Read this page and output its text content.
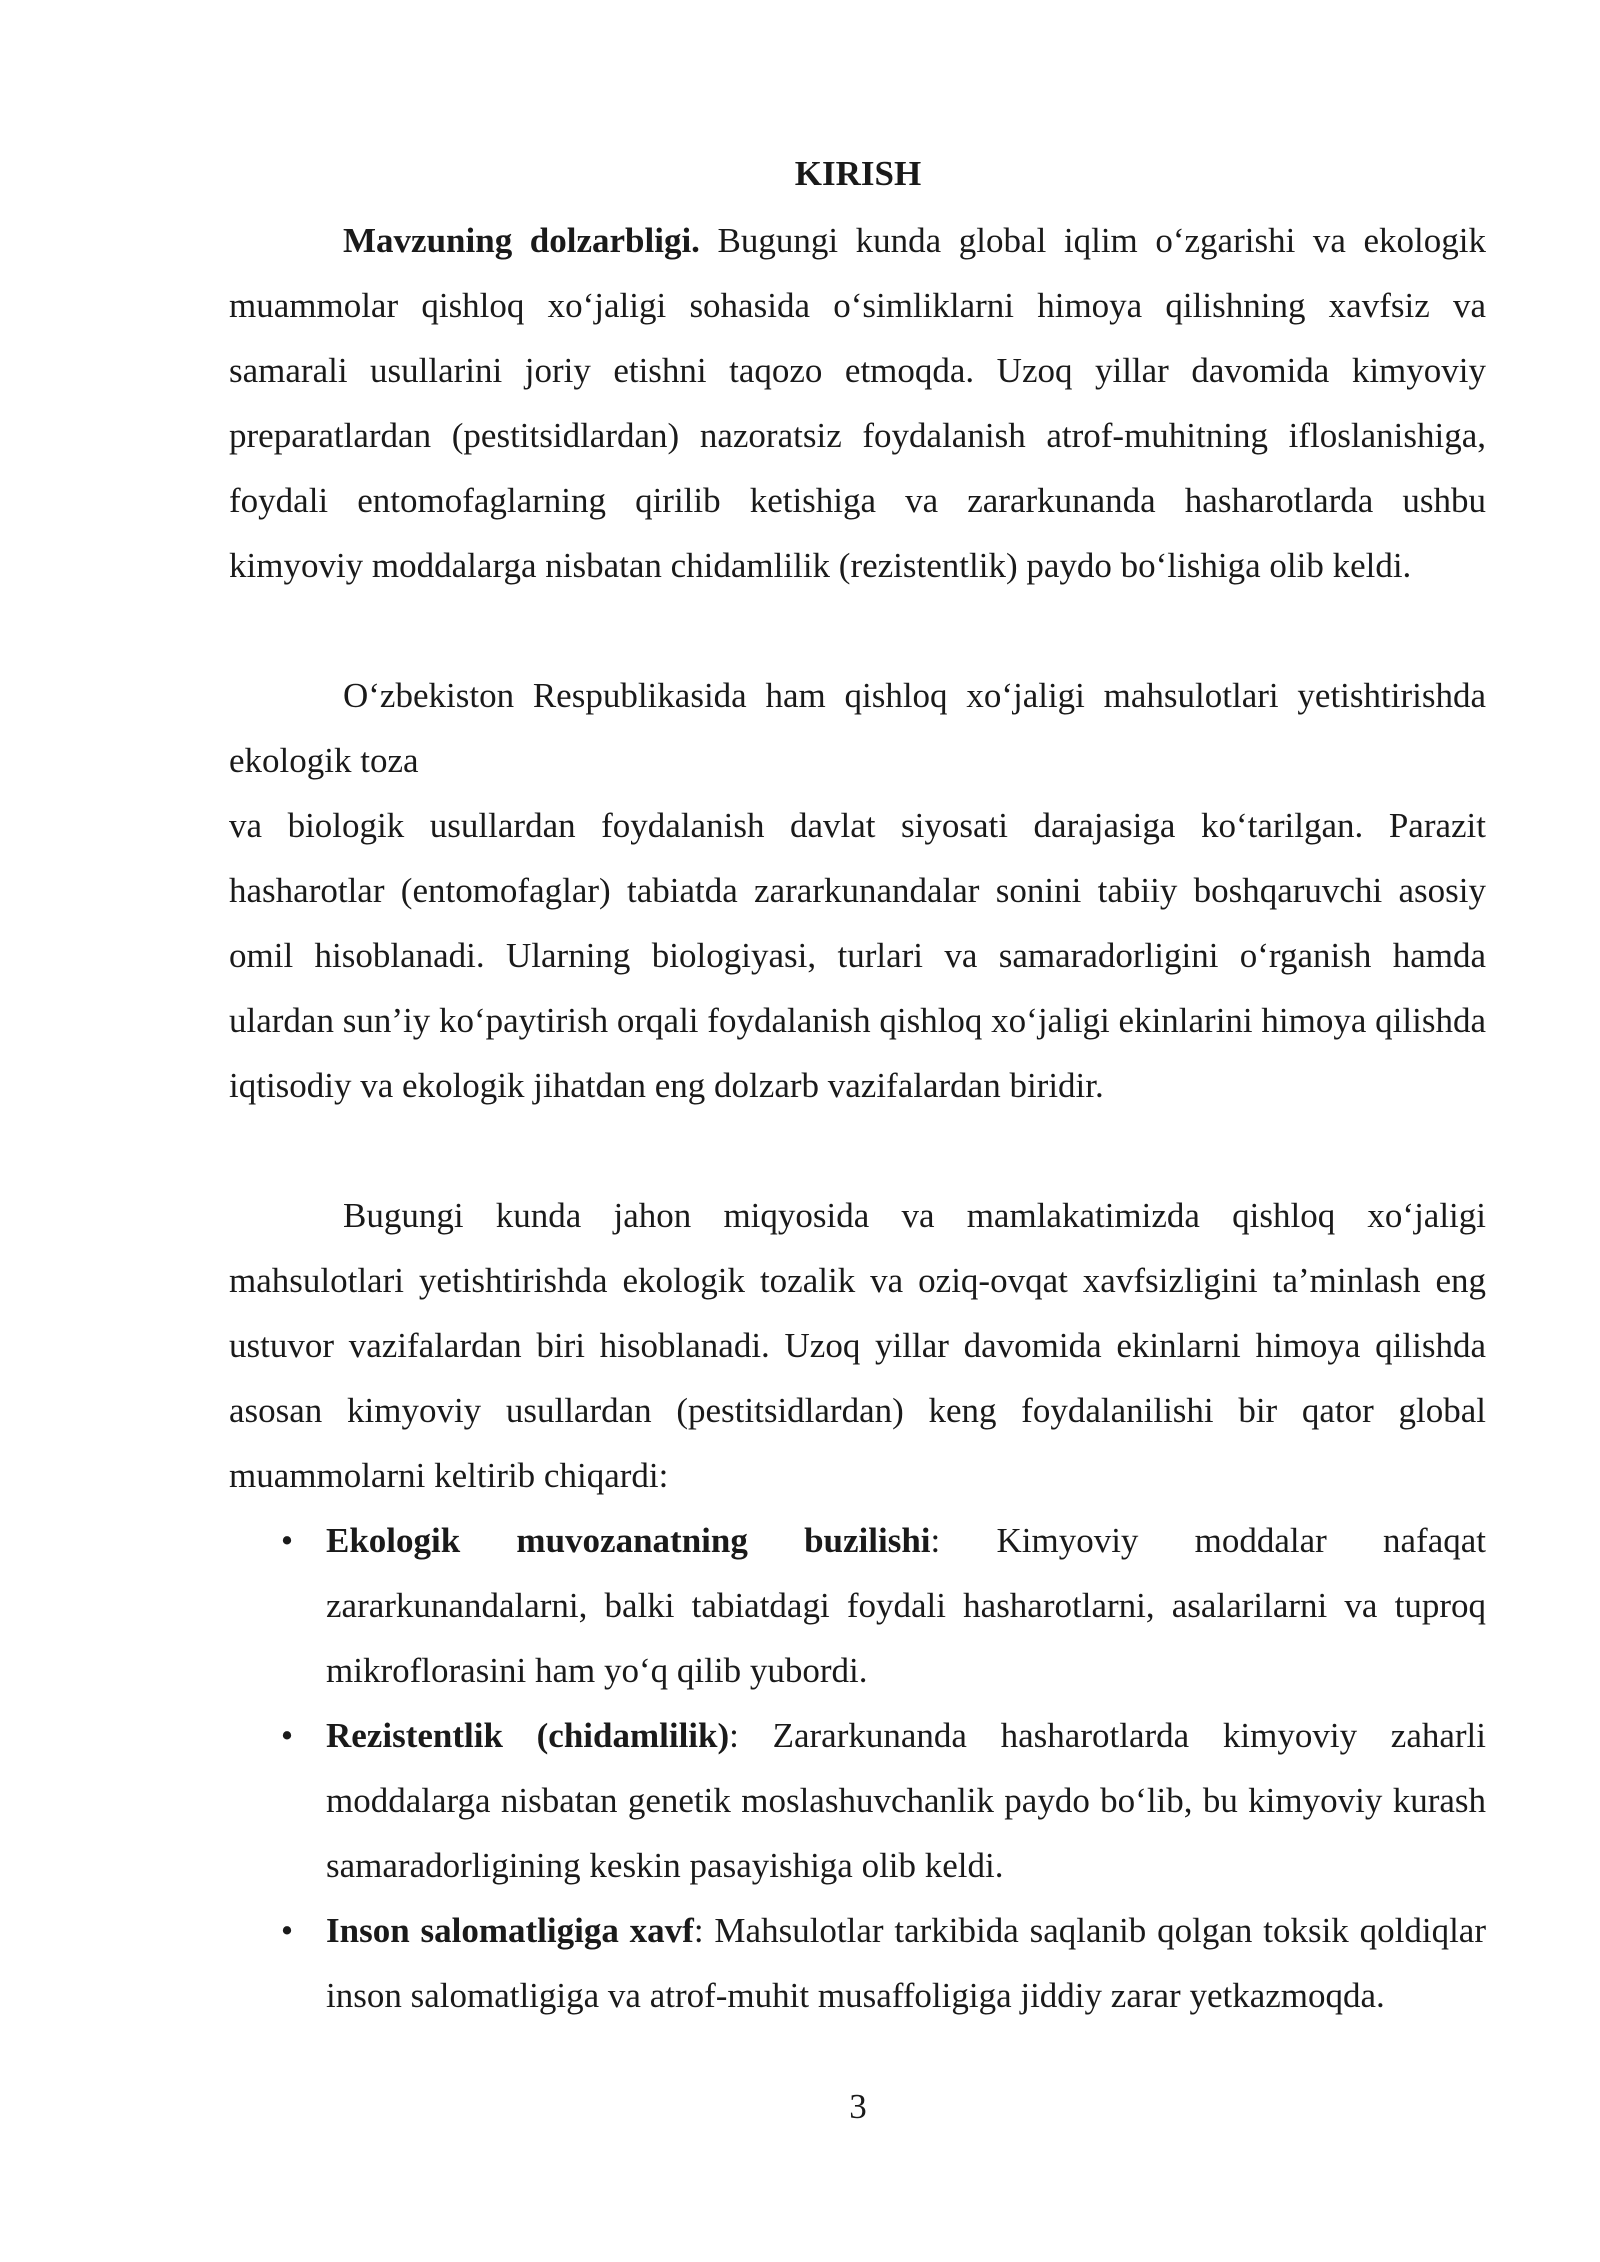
KIRISH

Mavzuning dolzarbligi. Bugungi kunda global iqlim o‘zgarishi va ekologik muammolar qishloq xo‘jaligi sohasida o‘simliklarni himoya qilishning xavfsiz va samarali usullarini joriy etishni taqozo etmoqda. Uzoq yillar davomida kimyoviy preparatlardan (pestitsidlardan) nazoratsiz foydalanish atrof-muhitning ifloslanishiga, foydali entomofaglarning qirilib ketishiga va zararkunanda hasharotlarda ushbu kimyoviy moddalarga nisbatan chidamlilik (rezistentlik) paydo bo‘lishiga olib keldi.

O‘zbekiston Respublikasida ham qishloq xo‘jaligi mahsulotlari yetishtirishda ekologik toza

va biologik usullardan foydalanish davlat siyosati darajasiga ko‘tarilgan. Parazit hasharotlar (entomofaglar) tabiatda zararkunandalar sonini tabiiy boshqaruvchi asosiy omil hisoblanadi. Ularning biologiyasi, turlari va samaradorligini o‘rganish hamda ulardan sun’iy ko‘paytirish orqali foydalanish qishloq xo‘jaligi ekinlarini himoya qilishda iqtisodiy va ekologik jihatdan eng dolzarb vazifalardan biridir.

Bugungi kunda jahon miqyosida va mamlakatimizda qishloq xo‘jaligi mahsulotlari yetishtirishda ekologik tozalik va oziq-ovqat xavfsizligini ta’minlash eng ustuvor vazifalardan biri hisoblanadi. Uzoq yillar davomida ekinlarni himoya qilishda asosan kimyoviy usullardan (pestitsidlardan) keng foydalanilishi bir qator global muammolarni keltirib chiqardi:

• Ekologik muvozanatning buzilishi: Kimyoviy moddalar nafaqat zararkunandalarni, balki tabiatdagi foydali hasharotlarni, asalarilarni va tuproq mikroflorasini ham yo‘q qilib yubordi.
• Rezistentlik (chidamlilik): Zararkunanda hasharotlarda kimyoviy zaharli moddalarga nisbatan genetik moslashuvchanlik paydo bo‘lib, bu kimyoviy kurash samaradorligining keskin pasayishiga olib keldi.
• Inson salomatligiga xavf: Mahsulotlar tarkibida saqlanib qolgan toksik qoldiqlar inson salomatligiga va atrof-muhit musaffoligiga jiddiy zarar yetkazmoqda.
3
